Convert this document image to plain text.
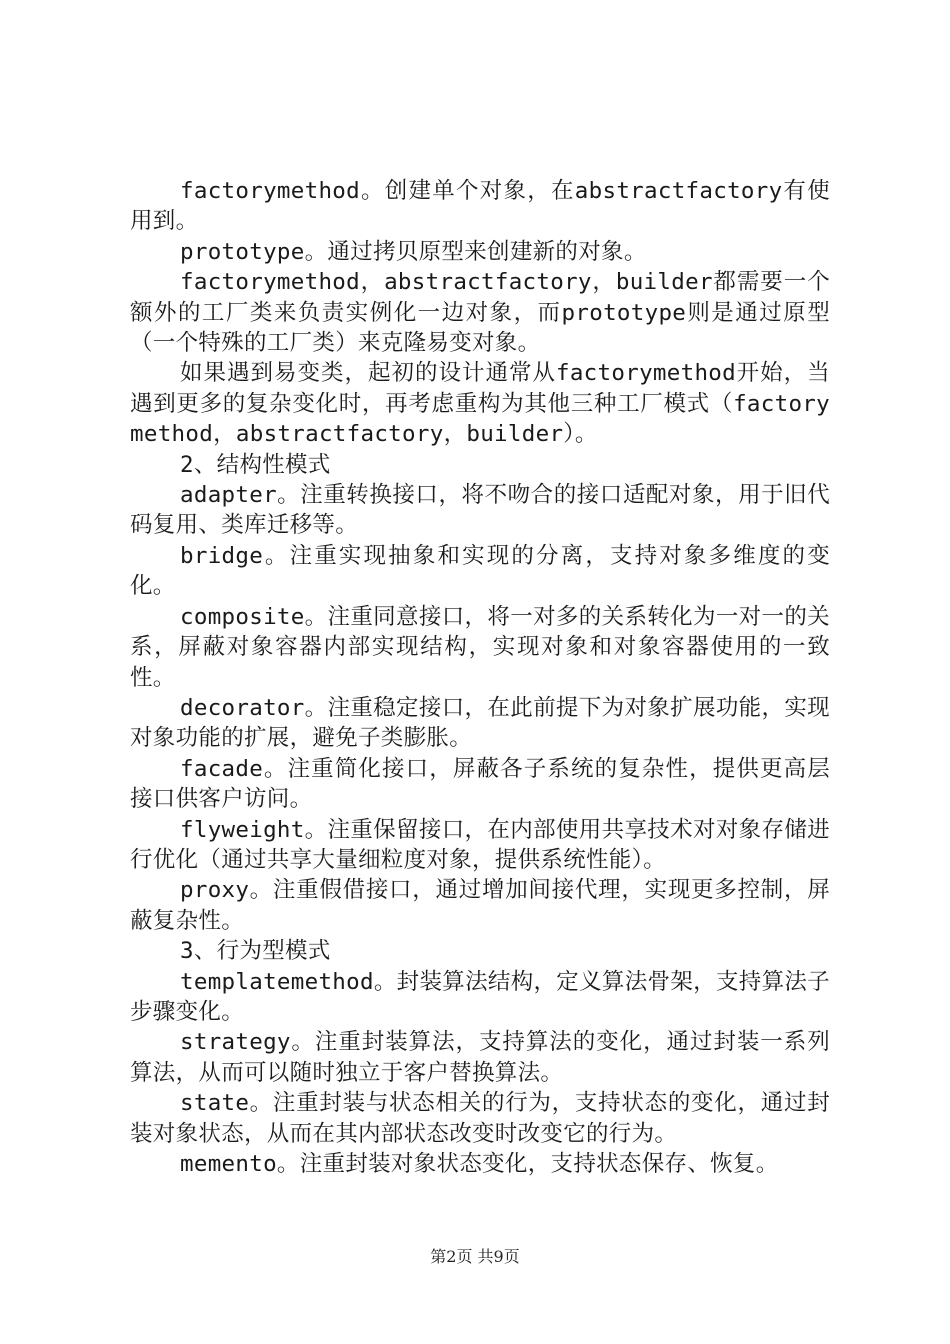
factorymethod。创建单个对象，在abstractfactory有使用到。

prototype。通过拷贝原型来创建新的对象。

factorymethod，abstractfactory，builder都需要一个额外的工厂类来负责实例化一边对象，而prototype则是通过原型（一个特殊的工厂类）来克隆易变对象。

如果遇到易变类，起初的设计通常从factorymethod开始，当遇到更多的复杂变化时，再考虑重构为其他三种工厂模式（factorymethod，abstractfactory，builder）。

2、结构性模式

adapter。注重转换接口，将不吻合的接口适配对象，用于旧代码复用、类库迁移等。

bridge。注重实现抽象和实现的分离，支持对象多维度的变化。

composite。注重同意接口，将一对多的关系转化为一对一的关系，屏蔽对象容器内部实现结构，实现对象和对象容器使用的一致性。

decorator。注重稳定接口，在此前提下为对象扩展功能，实现对象功能的扩展，避免子类膨胀。

facade。注重简化接口，屏蔽各子系统的复杂性，提供更高层接口供客户访问。

flyweight。注重保留接口，在内部使用共享技术对对象存储进行优化（通过共享大量细粒度对象，提供系统性能）。

proxy。注重假借接口，通过增加间接代理，实现更多控制，屏蔽复杂性。

3、行为型模式

templatemethod。封装算法结构，定义算法骨架，支持算法子步骤变化。

strategy。注重封装算法，支持算法的变化，通过封装一系列算法，从而可以随时独立于客户替换算法。

state。注重封装与状态相关的行为，支持状态的变化，通过封装对象状态，从而在其内部状态改变时改变它的行为。

memento。注重封装对象状态变化，支持状态保存、恢复。

第2页 共9页
